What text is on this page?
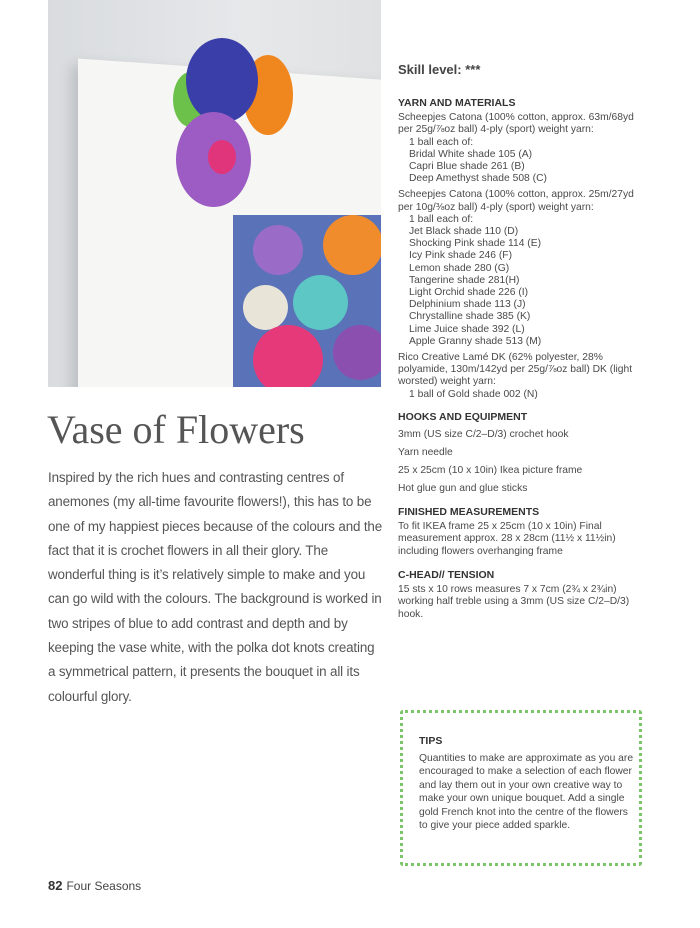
Skill level: ***
YARN AND MATERIALS
Scheepjes Catona (100% cotton, approx. 63m/68yd per 25g/⅞oz ball) 4-ply (sport) weight yarn:
1 ball each of:
Bridal White shade 105 (A)
Capri Blue shade 261 (B)
Deep Amethyst shade 508 (C)
Scheepjes Catona (100% cotton, approx. 25m/27yd per 10g/⅜oz ball) 4-ply (sport) weight yarn:
1 ball each of:
Jet Black shade 110 (D)
Shocking Pink shade 114 (E)
Icy Pink shade 246 (F)
Lemon shade 280 (G)
Tangerine shade 281(H)
Light Orchid shade 226 (I)
Delphinium shade 113 (J)
Chrystalline shade 385 (K)
Lime Juice shade 392 (L)
Apple Granny shade 513 (M)
Rico Creative Lamé DK (62% polyester, 28% polyamide, 130m/142yd per 25g/⅞oz ball) DK (light worsted) weight yarn:
1 ball of Gold shade 002 (N)
HOOKS AND EQUIPMENT
3mm (US size C/2–D/3) crochet hook
Yarn needle
25 x 25cm (10 x 10in) Ikea picture frame
Hot glue gun and glue sticks
FINISHED MEASUREMENTS
To fit IKEA frame 25 x 25cm (10 x 10in) Final measurement approx. 28 x 28cm (11½ x 11½in) including flowers overhanging frame
C-HEAD// TENSION
15 sts x 10 rows measures 7 x 7cm (2¾ x 2¾in) working half treble using a 3mm (US size C/2–D/3) hook.
Vase of Flowers
Inspired by the rich hues and contrasting centres of anemones (my all-time favourite flowers!), this has to be one of my happiest pieces because of the colours and the fact that it is crochet flowers in all their glory. The wonderful thing is it’s relatively simple to make and you can go wild with the colours. The background is worked in two stripes of blue to add contrast and depth and by keeping the vase white, with the polka dot knots creating a symmetrical pattern, it presents the bouquet in all its colourful glory.
TIPS
Quantities to make are approximate as you are encouraged to make a selection of each flower and lay them out in your own creative way to make your own unique bouquet. Add a single gold French knot into the centre of the flowers to give your piece added sparkle.
82 Four Seasons
